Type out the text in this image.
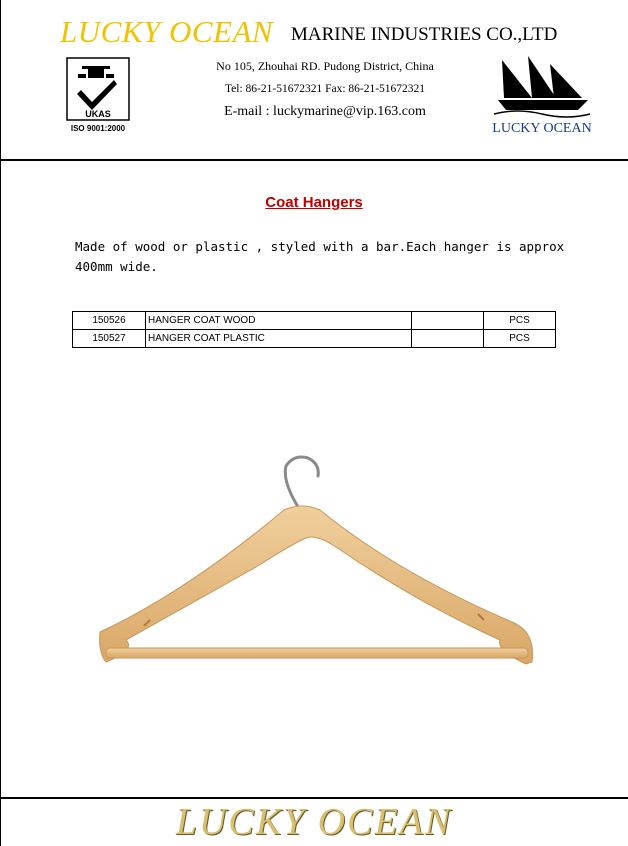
LUCKY OCEAN MARINE INDUSTRIES CO.,LTD
No 105, Zhouhai RD. Pudong District, China
Tel: 86-21-51672321 Fax: 86-21-51672321
E-mail : luckymarine@vip.163.com
UKAS
ISO 9001:2000	LUCKY OCEAN
Coat Hangers
Made of wood or plastic , styled with a bar.Each hanger is approx 400mm wide.
150526	HANGER COAT WOOD		PCS
150527	HANGER COAT PLASTIC		PCS
LUCKY OCEAN
